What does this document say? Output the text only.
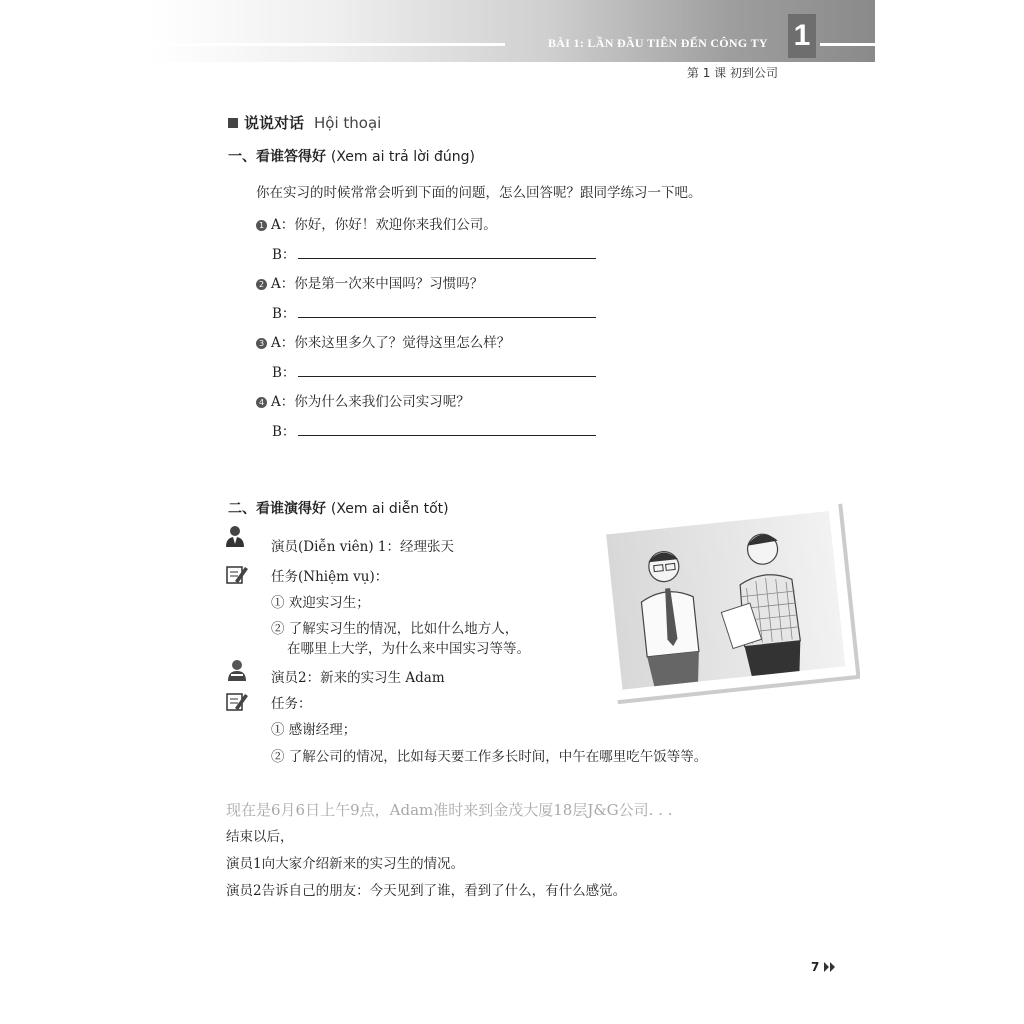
BÀI 1: LẦN ĐẦU TIÊN ĐẾN CÔNG TY 1
第 1 课 初到公司
说说对话 Hội thoại
一、看谁答得好 (Xem ai trả lời đúng)
你在实习的时候常常会听到下面的问题，怎么回答呢？跟同学练习一下吧。
1 A：你好，你好！欢迎你来我们公司。
B：
2 A：你是第一次来中国吗？习惯吗？
B：
3 A：你来这里多久了？觉得这里怎么样？
B：
4 A：你为什么来我们公司实习呢？
B：
二、看谁演得好 (Xem ai diễn tốt)
演员(Diễn viên) 1：经理张天
任务(Nhiệm vụ)：
① 欢迎实习生；
② 了解实习生的情况，比如什么地方人，
在哪里上大学，为什么来中国实习等等。
演员2：新来的实习生 Adam
任务：
① 感谢经理；
② 了解公司的情况，比如每天要工作多长时间，中午在哪里吃午饭等等。
现在是6月6日上午9点，Adam准时来到金茂大厦18层J&G公司. . .
结束以后，
演员1向大家介绍新来的实习生的情况。
演员2告诉自己的朋友：今天见到了谁，看到了什么，有什么感觉。
7
